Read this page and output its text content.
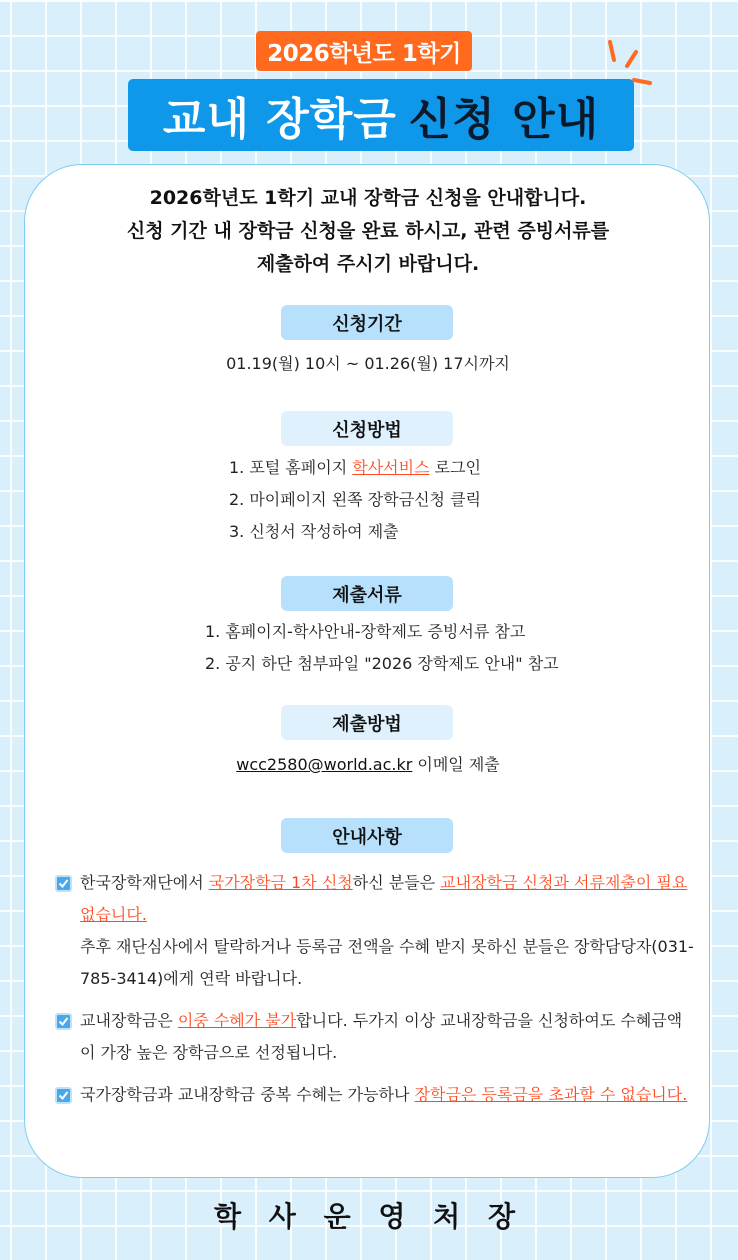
2026학년도 1학기
교내 장학금 신청 안내
2026학년도 1학기 교내 장학금 신청을 안내합니다.
신청 기간 내 장학금 신청을 완료 하시고, 관련 증빙서류를
제출하여 주시기 바랍니다.
신청기간
01.19(월) 10시 ~ 01.26(월) 17시까지
신청방법
1. 포털 홈페이지 학사서비스 로그인
2. 마이페이지 왼쪽 장학금신청 클릭
3. 신청서 작성하여 제출
제출서류
1. 홈페이지-학사안내-장학제도 증빙서류 참고
2. 공지 하단 첨부파일 "2026 장학제도 안내" 참고
제출방법
wcc2580@world.ac.kr 이메일 제출
안내사항
한국장학재단에서 국가장학금 1차 신청하신 분들은 교내장학금 신청과 서류제출이 필요 없습니다.
추후 재단심사에서 탈락하거나 등록금 전액을 수혜 받지 못하신 분들은 장학담당자(031-785-3414)에게 연락 바랍니다.
교내장학금은 이중 수혜가 불가합니다. 두가지 이상 교내장학금을 신청하여도 수혜금액이 가장 높은 장학금으로 선정됩니다.
국가장학금과 교내장학금 중복 수혜는 가능하나 장학금은 등록금을 초과할 수 없습니다.
학 사 운 영 처 장
